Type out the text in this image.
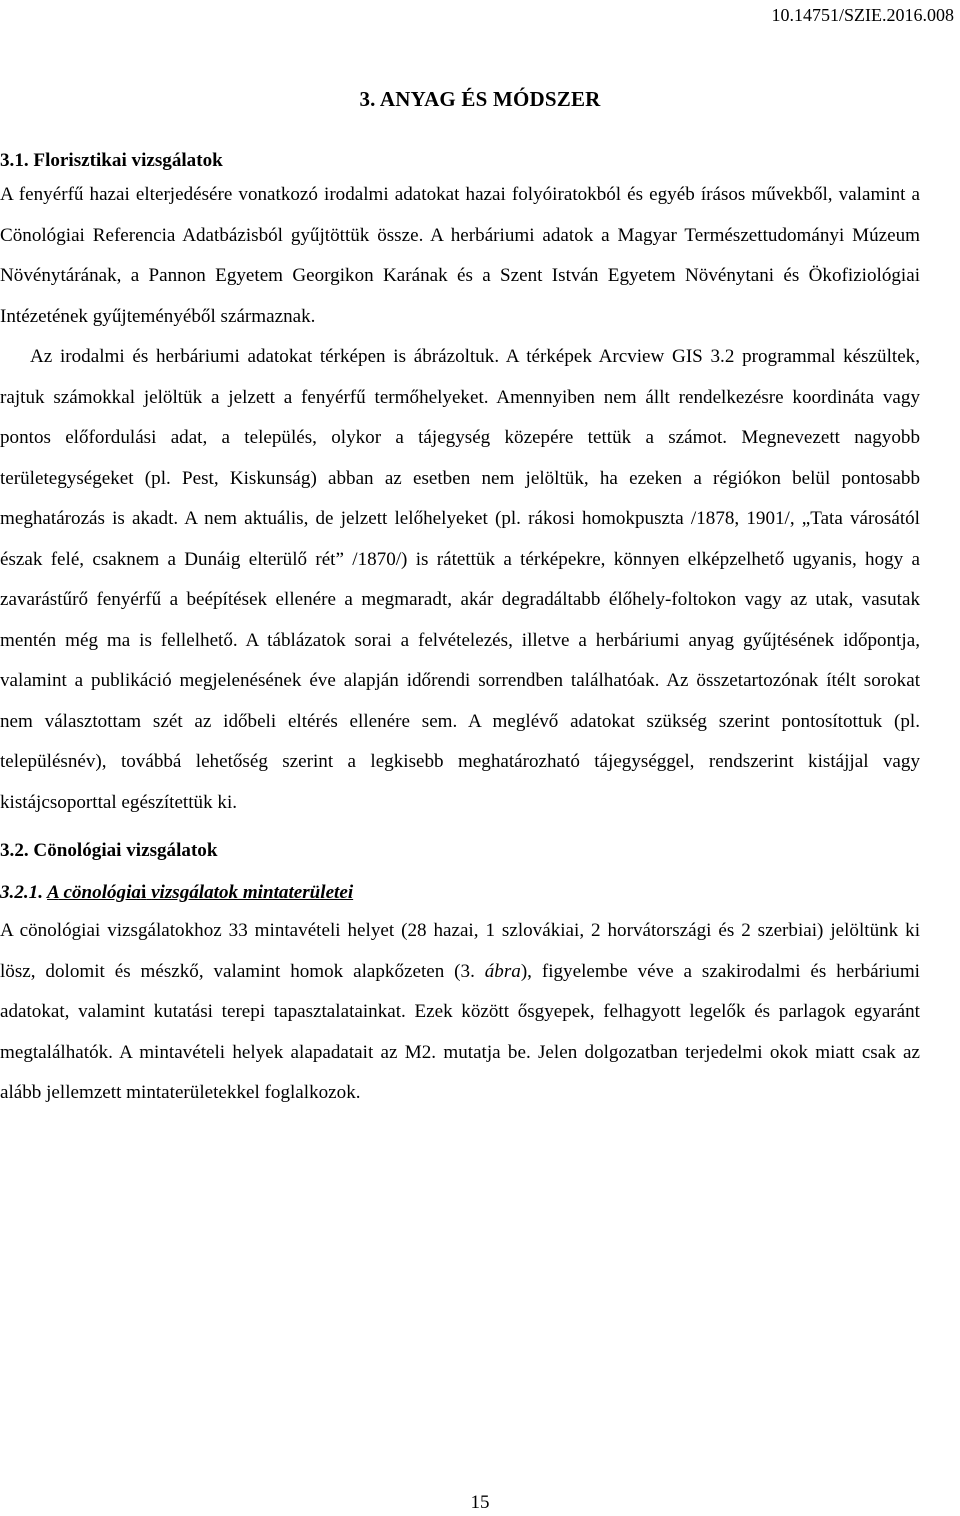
10.14751/SZIE.2016.008
3. ANYAG ÉS MÓDSZER
3.1. Florisztikai vizsgálatok

A fenyérfű hazai elterjedésére vonatkozó irodalmi adatokat hazai folyóiratokból és egyéb írásos művekből, valamint a Cönológiai Referencia Adatbázisból gyűjtöttük össze. A herbáriumi adatok a Magyar Természettudományi Múzeum Növénytárának, a Pannon Egyetem Georgikon Karának és a Szent István Egyetem Növénytani és Ökofiziológiai Intézetének gyűjteményéből származnak.

Az irodalmi és herbáriumi adatokat térképen is ábrázoltuk. A térképek Arcview GIS 3.2 programmal készültek, rajtuk számokkal jelöltük a jelzett a fenyérfű termőhelyeket. Amennyiben nem állt rendelkezésre koordináta vagy pontos előfordulási adat, a település, olykor a tájegység közepére tettük a számot. Megnevezett nagyobb területegységeket (pl. Pest, Kiskunság) abban az esetben nem jelöltük, ha ezeken a régiókon belül pontosabb meghatározás is akadt. A nem aktuális, de jelzett lelőhelyeket (pl. rákosi homokpuszta /1878, 1901/, „Tata városától észak felé, csaknem a Dunáig elterülő rét” /1870/) is rátettük a térképekre, könnyen elképzelhető ugyanis, hogy a zavarástűrő fenyérfű a beépítések ellenére a megmaradt, akár degradáltabb élőhely-foltokon vagy az utak, vasutak mentén még ma is fellelhető. A táblázatok sorai a felvételezés, illetve a herbáriumi anyag gyűjtésének időpontja, valamint a publikáció megjelenésének éve alapján időrendi sorrendben találhatóak. Az összetartozónak ítélt sorokat nem választottam szét az időbeli eltérés ellenére sem. A meglévő adatokat szükség szerint pontosítottuk (pl. településnév), továbbá lehetőség szerint a legkisebb meghatározható tájegységgel, rendszerint kistájjal vagy kistájcsoporttal egészítettük ki.

3.2. Cönológiai vizsgálatok
3.2.1. A cönológiai vizsgálatok mintaterületei

A cönológiai vizsgálatokhoz 33 mintavételi helyet (28 hazai, 1 szlovákiai, 2 horvátországi és 2 szerbiai) jelöltünk ki lösz, dolomit és mészkő, valamint homok alapkőzeten (3. ábra), figyelembe véve a szakirodalmi és herbáriumi adatokat, valamint kutatási terepi tapasztalatainkat. Ezek között ősgyepek, felhagyott legelők és parlagok egyaránt megtalálhatók. A mintavételi helyek alapadatait az M2. mutatja be. Jelen dolgozatban terjedelmi okok miatt csak az alább jellemzett mintaterületekkel foglalkozok.

15
